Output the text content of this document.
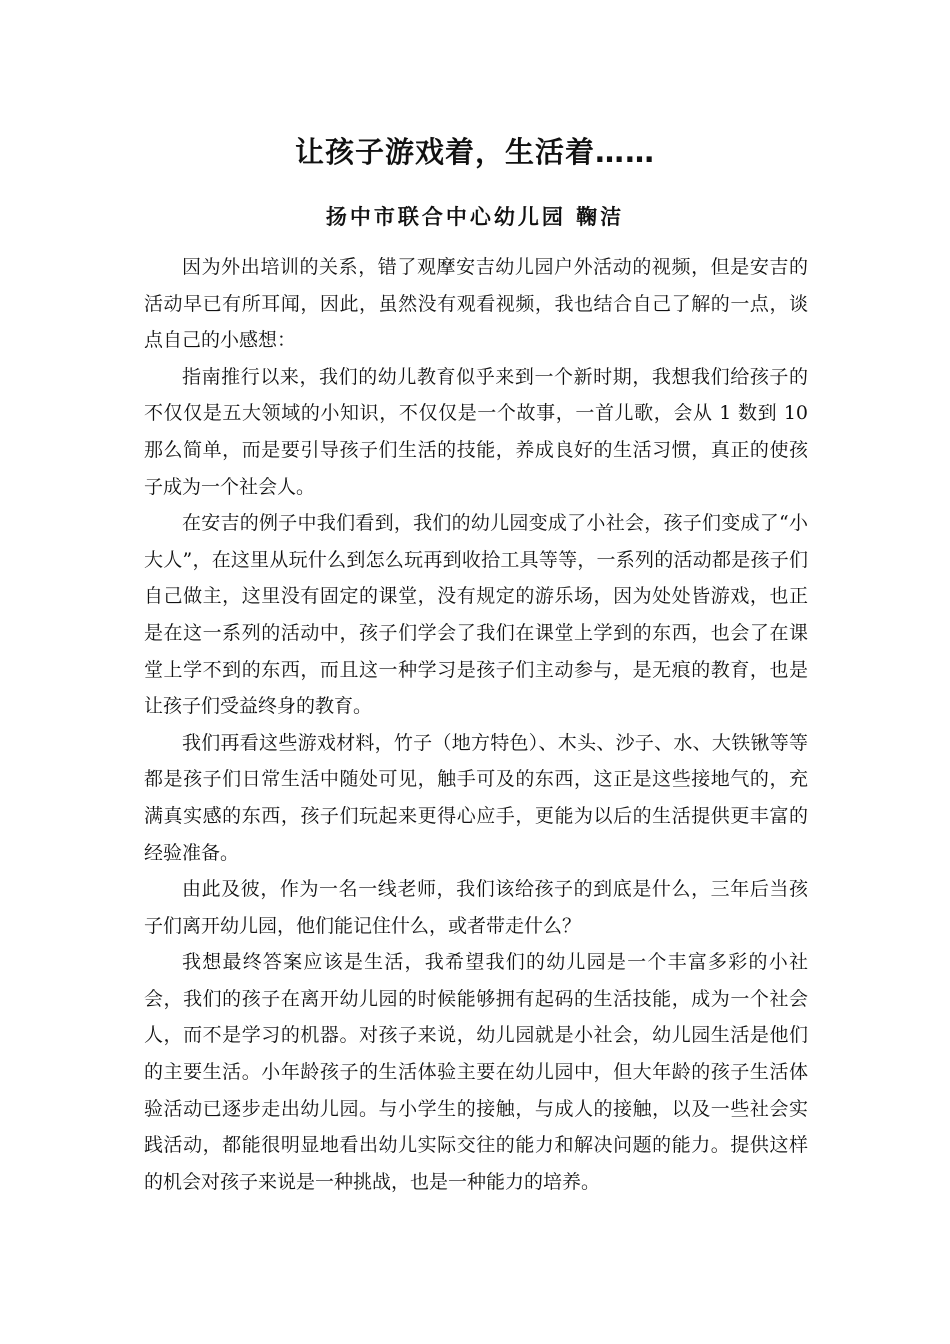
让孩子游戏着，生活着……
扬中市联合中心幼儿园 鞠洁

因为外出培训的关系，错了观摩安吉幼儿园户外活动的视频，但是安吉的活动早已有所耳闻，因此，虽然没有观看视频，我也结合自己了解的一点，谈点自己的小感想：

指南推行以来，我们的幼儿教育似乎来到一个新时期，我想我们给孩子的不仅仅是五大领域的小知识，不仅仅是一个故事，一首儿歌，会从 1 数到 10 那么简单，而是要引导孩子们生活的技能，养成良好的生活习惯，真正的使孩子成为一个社会人。

在安吉的例子中我们看到，我们的幼儿园变成了小社会，孩子们变成了“小大人”，在这里从玩什么到怎么玩再到收拾工具等等，一系列的活动都是孩子们自己做主，这里没有固定的课堂，没有规定的游乐场，因为处处皆游戏，也正是在这一系列的活动中，孩子们学会了我们在课堂上学到的东西，也会了在课堂上学不到的东西，而且这一种学习是孩子们主动参与，是无痕的教育，也是让孩子们受益终身的教育。

我们再看这些游戏材料，竹子（地方特色）、木头、沙子、水、大铁锹等等都是孩子们日常生活中随处可见，触手可及的东西，这正是这些接地气的，充满真实感的东西，孩子们玩起来更得心应手，更能为以后的生活提供更丰富的经验准备。

由此及彼，作为一名一线老师，我们该给孩子的到底是什么，三年后当孩子们离开幼儿园，他们能记住什么，或者带走什么？

我想最终答案应该是生活，我希望我们的幼儿园是一个丰富多彩的小社会，我们的孩子在离开幼儿园的时候能够拥有起码的生活技能，成为一个社会人，而不是学习的机器。对孩子来说，幼儿园就是小社会，幼儿园生活是他们的主要生活。小年龄孩子的生活体验主要在幼儿园中，但大年龄的孩子生活体验活动已逐步走出幼儿园。与小学生的接触，与成人的接触，以及一些社会实践活动，都能很明显地看出幼儿实际交往的能力和解决问题的能力。提供这样的机会对孩子来说是一种挑战，也是一种能力的培养。
